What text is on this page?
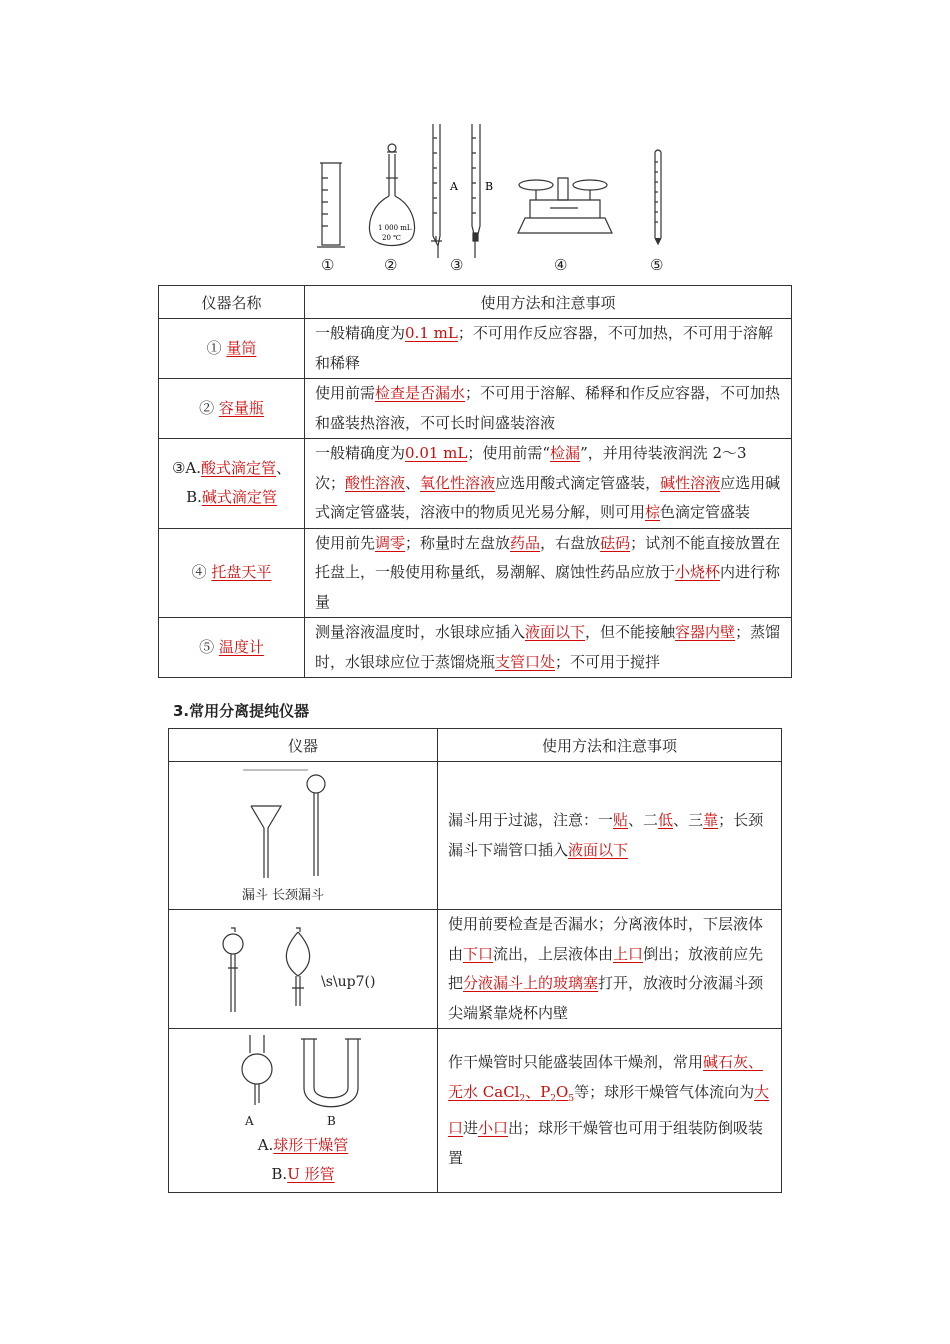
1 000 mL
20 ℃
A B
①	②	③	④	⑤
仪器名称	使用方法和注意事项
① 量筒	一般精确度为0.1 mL；不可用作反应容器，不可加热，不可用于溶解和稀释
② 容量瓶	使用前需检查是否漏水；不可用于溶解、稀释和作反应容器，不可加热和盛装热溶液，不可长时间盛装溶液
③A.酸式滴定管、B.碱式滴定管	一般精确度为0.01 mL；使用前需“检漏”，并用待装液润洗 2～3 次；酸性溶液、氧化性溶液应选用酸式滴定管盛装，碱性溶液应选用碱式滴定管盛装，溶液中的物质见光易分解，则可用棕色滴定管盛装
④ 托盘天平	使用前先调零；称量时左盘放药品，右盘放砝码；试剂不能直接放置在托盘上，一般使用称量纸，易潮解、腐蚀性药品应放于小烧杯内进行称量
⑤ 温度计	测量溶液温度时，水银球应插入液面以下，但不能接触容器内壁；蒸馏时，水银球应位于蒸馏烧瓶支管口处；不可用于搅拌
3.常用分离提纯仪器
仪器	使用方法和注意事项

漏斗 长颈漏斗	漏斗用于过滤，注意：一贴、二低、三靠；长颈漏斗下端管口插入液面以下

\s\up7()	使用前要检查是否漏水；分离液体时，下层液体由下口流出，上层液体由上口倒出；放液前应先把分液漏斗上的玻璃塞打开，放液时分液漏斗颈尖端紧靠烧杯内壁

A B
A.球形干燥管
B.U 形管	作干燥管时只能盛装固体干燥剂，常用碱石灰、无水 CaCl$_2$、$P_2O_5$等；球形干燥管气体流向为大口进小口出；球形干燥管也可用于组装防倒吸装置
